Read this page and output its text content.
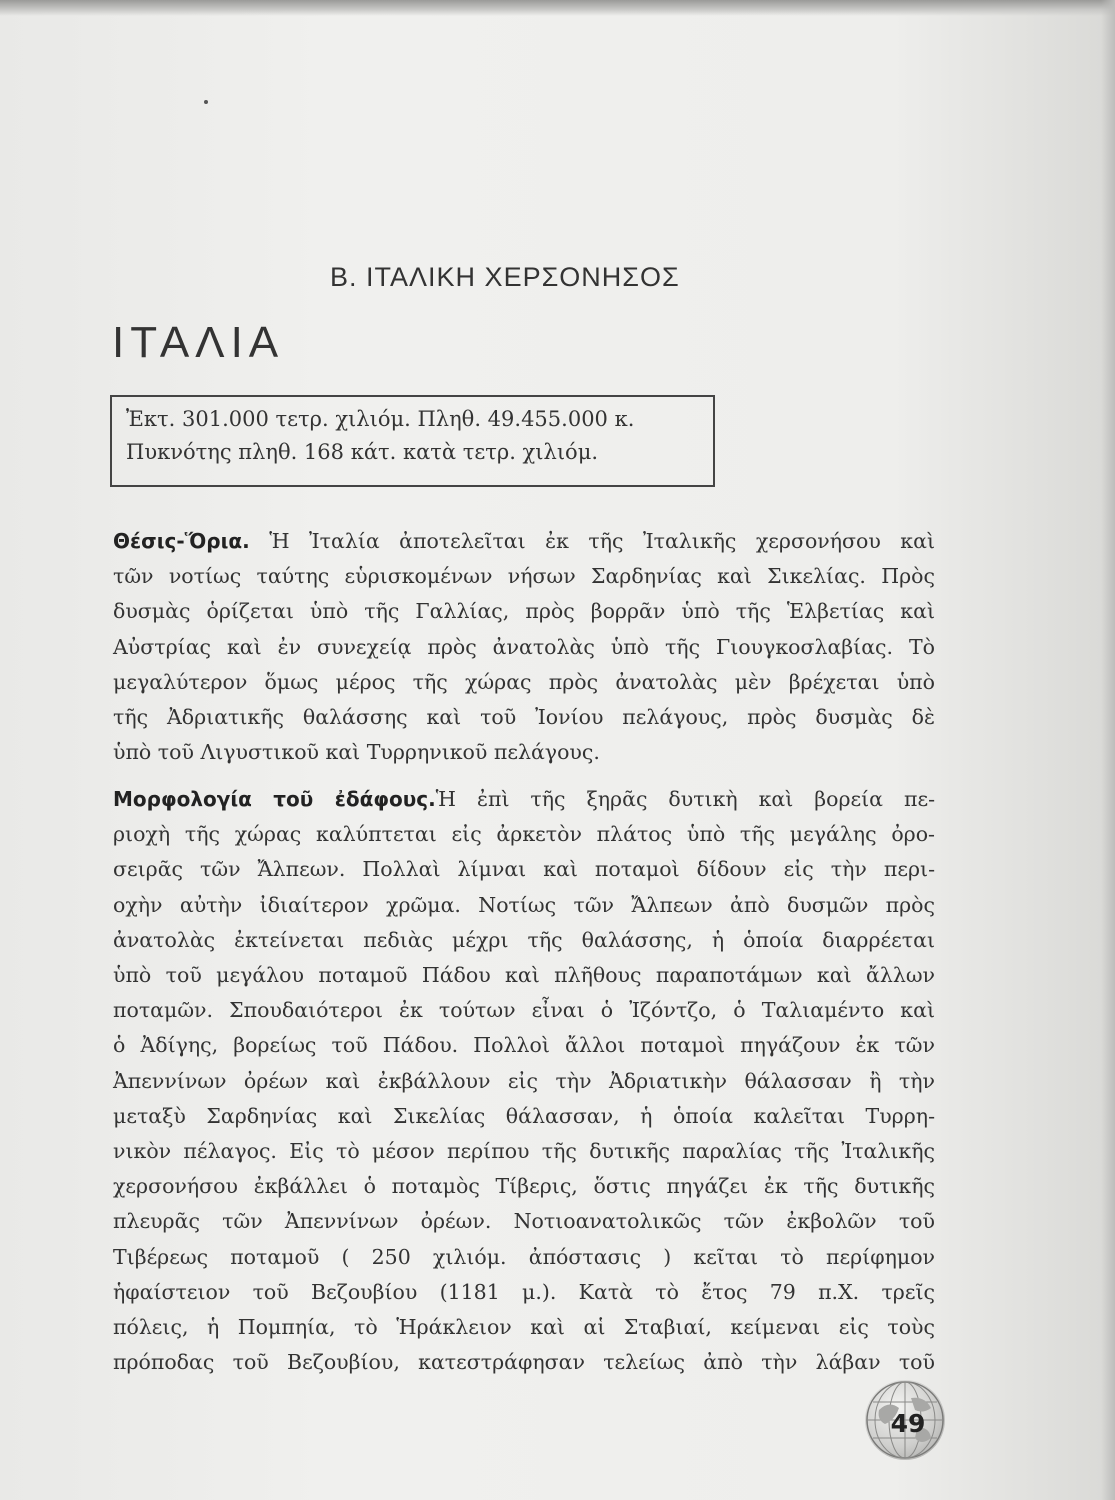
Β. ΙΤΑΛΙΚΗ ΧΕΡΣΟΝΗΣΟΣ
ΙΤΑΛΙΑ
Ἐκτ. 301.000 τετρ. χιλιόμ. Πληθ. 49.455.000 κ.
Πυκνότης πληθ. 168 κάτ. κατὰ τετρ. χιλιόμ.
Θέσις-Ὅρια. Ἡ Ἰταλία ἀποτελεῖται ἐκ τῆς Ἰταλικῆς χερσονήσου καὶ
τῶν νοτίως ταύτης εὑρισκομένων νήσων Σαρδηνίας καὶ Σικελίας. Πρὸς
δυσμὰς ὁρίζεται ὑπὸ τῆς Γαλλίας, πρὸς βορρᾶν ὑπὸ τῆς Ἑλβετίας καὶ
Αὐστρίας καὶ ἐν συνεχείᾳ πρὸς ἀνατολὰς ὑπὸ τῆς Γιουγκοσλαβίας. Τὸ
μεγαλύτερον ὅμως μέρος τῆς χώρας πρὸς ἀνατολὰς μὲν βρέχεται ὑπὸ
τῆς Ἀδριατικῆς θαλάσσης καὶ τοῦ Ἰονίου πελάγους, πρὸς δυσμὰς δὲ
ὑπὸ τοῦ Λιγυστικοῦ καὶ Τυρρηνικοῦ πελάγους.
Μορφολογία τοῦ ἐδάφους.Ἡ ἐπὶ τῆς ξηρᾶς δυτικὴ καὶ βορεία πε-
ριοχὴ τῆς χώρας καλύπτεται εἰς ἀρκετὸν πλάτος ὑπὸ τῆς μεγάλης ὀρο-
σειρᾶς τῶν Ἄλπεων. Πολλαὶ λίμναι καὶ ποταμοὶ δίδουν εἰς τὴν περι-
οχὴν αὐτὴν ἰδιαίτερον χρῶμα. Νοτίως τῶν Ἄλπεων ἀπὸ δυσμῶν πρὸς
ἀνατολὰς ἐκτείνεται πεδιὰς μέχρι τῆς θαλάσσης, ἡ ὁποία διαρρέεται
ὑπὸ τοῦ μεγάλου ποταμοῦ Πάδου καὶ πλῆθους παραποτάμων καὶ ἄλλων
ποταμῶν. Σπουδαιότεροι ἐκ τούτων εἶναι ὁ Ἰζόντζο, ὁ Ταλιαμέντο καὶ
ὁ Ἀδίγης, βορείως τοῦ Πάδου. Πολλοὶ ἄλλοι ποταμοὶ πηγάζουν ἐκ τῶν
Ἀπεννίνων ὀρέων καὶ ἐκβάλλουν εἰς τὴν Ἀδριατικὴν θάλασσαν ἢ τὴν
μεταξὺ Σαρδηνίας καὶ Σικελίας θάλασσαν, ἡ ὁποία καλεῖται Τυρρη-
νικὸν πέλαγος. Εἰς τὸ μέσον περίπου τῆς δυτικῆς παραλίας τῆς Ἰταλικῆς
χερσονήσου ἐκβάλλει ὁ ποταμὸς Τίβερις, ὅστις πηγάζει ἐκ τῆς δυτικῆς
πλευρᾶς τῶν Ἀπεννίνων ὀρέων. Νοτιοανατολικῶς τῶν ἐκβολῶν τοῦ
Τιβέρεως ποταμοῦ ( 250 χιλιόμ. ἀπόστασις ) κεῖται τὸ περίφημον
ἡφαίστειον τοῦ Βεζουβίου (1181 μ.). Κατὰ τὸ ἔτος 79 π.Χ. τρεῖς
πόλεις, ἡ Πομπηία, τὸ Ἡράκλειον καὶ αἱ Σταβιαί, κείμεναι εἰς τοὺς
πρόποδας τοῦ Βεζουβίου, κατεστράφησαν τελείως ἀπὸ τὴν λάβαν τοῦ
49
